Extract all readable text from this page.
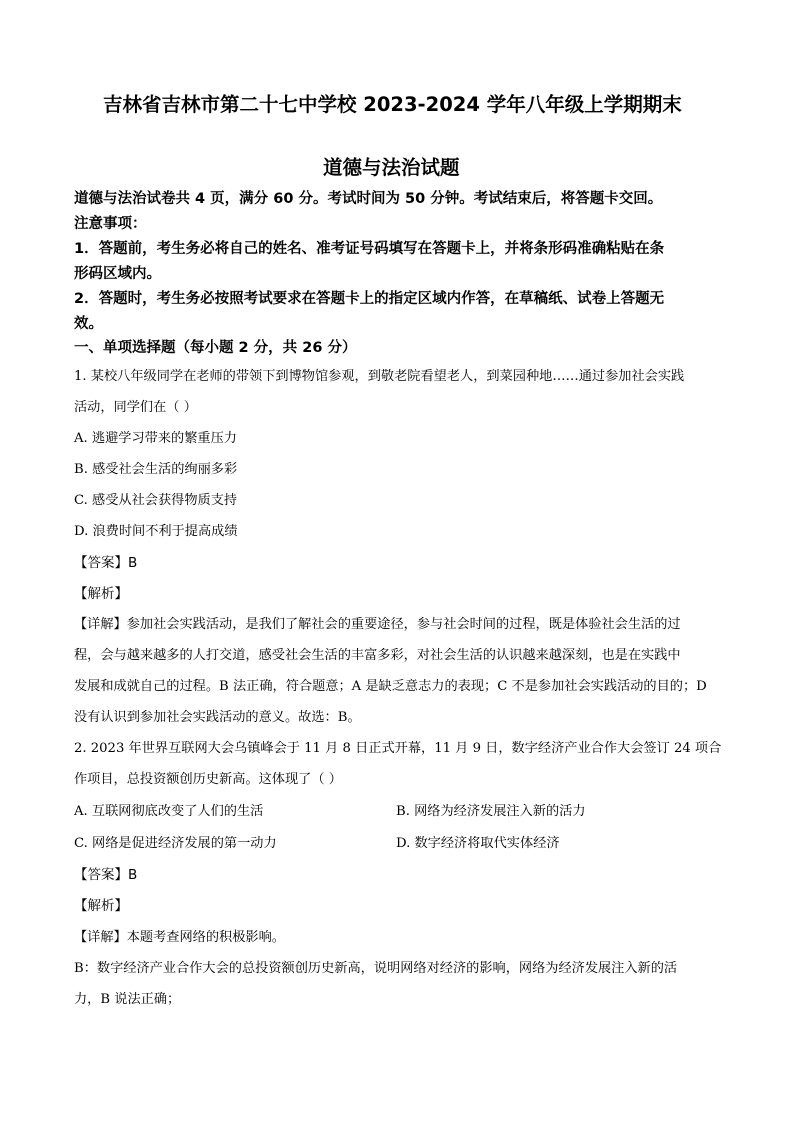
吉林省吉林市第二十七中学校 2023-2024 学年八年级上学期期末
道德与法治试题
道德与法治试卷共 4 页，满分 60 分。考试时间为 50 分钟。考试结束后，将答题卡交回。
注意事项：
1．答题前，考生务必将自己的姓名、准考证号码填写在答题卡上，并将条形码准确粘贴在条
形码区域内。
2．答题时，考生务必按照考试要求在答题卡上的指定区域内作答，在草稿纸、试卷上答题无
效。
一、单项选择题（每小题 2 分，共 26 分）
1. 某校八年级同学在老师的带领下到博物馆参观，到敬老院看望老人，到菜园种地……通过参加社会实践
活动，同学们在（ ）
A. 逃避学习带来的繁重压力
B. 感受社会生活的绚丽多彩
C. 感受从社会获得物质支持
D. 浪费时间不利于提高成绩
【答案】B
【解析】
【详解】参加社会实践活动，是我们了解社会的重要途径，参与社会时间的过程，既是体验社会生活的过
程，会与越来越多的人打交道，感受社会生活的丰富多彩，对社会生活的认识越来越深刻，也是在实践中
发展和成就自己的过程。B 法正确，符合题意；A 是缺乏意志力的表现；C 不是参加社会实践活动的目的；D
没有认识到参加社会实践活动的意义。故选：B。
2. 2023 年世界互联网大会乌镇峰会于 11 月 8 日正式开幕，11 月 9 日，数字经济产业合作大会签订 24 项合
作项目，总投资额创历史新高。这体现了（ ）
A. 互联网彻底改变了人们的生活	B. 网络为经济发展注入新的活力
C. 网络是促进经济发展的第一动力	D. 数字经济将取代实体经济
【答案】B
【解析】
【详解】本题考查网络的积极影响。
B：数字经济产业合作大会的总投资额创历史新高，说明网络对经济的影响，网络为经济发展注入新的活
力，B 说法正确；
